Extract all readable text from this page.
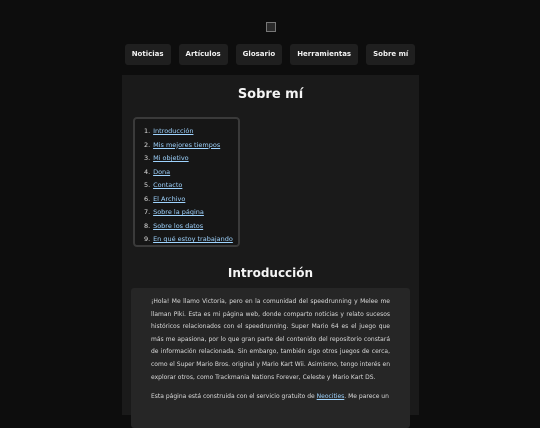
Noticias	Artículos	Glosario	Herramientas	Sobre mí
Sobre mí
1. Introducción
2. Mis mejores tiempos
3. Mi objetivo
4. Dona
5. Contacto
6. El Archivo
7. Sobre la página
8. Sobre los datos
9. En qué estoy trabajando
Introducción

¡Hola! Me llamo Victoria, pero en la comunidad del speedrunning y Melee me llaman Piki. Esta es mi página web, donde comparto noticias y relato sucesos históricos relacionados con el speedrunning. Super Mario 64 es el juego que más me apasiona, por lo que gran parte del contenido del repositorio constará de información relacionada. Sin embargo, también sigo otros juegos de cerca, como el Super Mario Bros. original y Mario Kart Wii. Asimismo, tengo interés en explorar otros, como Trackmania Nations Forever, Celeste y Mario Kart DS.

Esta página está construida con el servicio gratuito de Neocities. Me parece un
